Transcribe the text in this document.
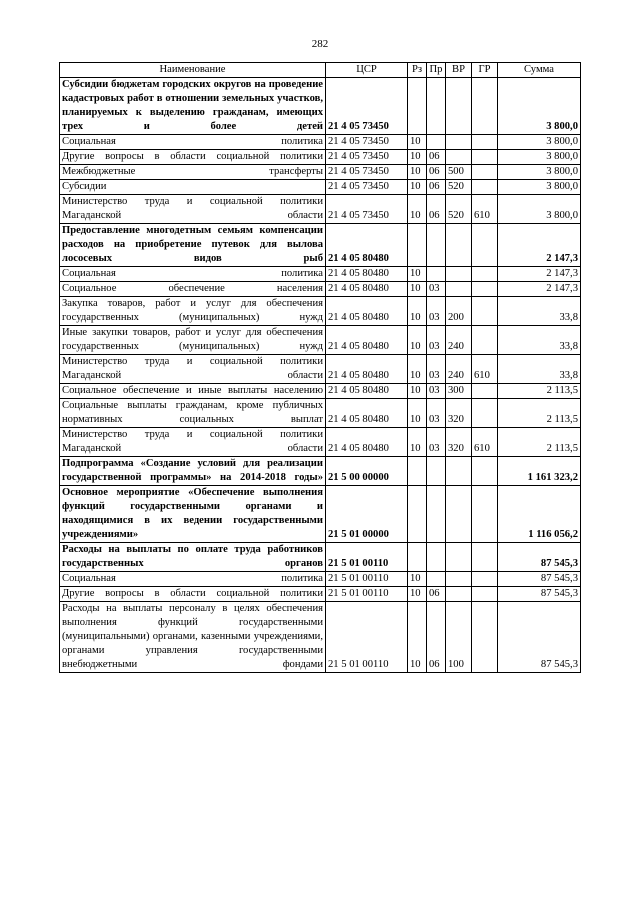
282
Наименование	ЦСР	Рз	Пр	ВР	ГР	Сумма
Субсидии бюджетам городских округов на проведение кадастровых работ в отношении земельных участков, планируемых к выделению гражданам, имеющих трех и более детей	21 4 05 73450					3 800,0
Социальная политика	21 4 05 73450	10				3 800,0
Другие вопросы в области социальной политики	21 4 05 73450	10	06			3 800,0
Межбюджетные трансферты	21 4 05 73450	10	06	500		3 800,0
Субсидии	21 4 05 73450	10	06	520		3 800,0
Министерство труда и социальной политики Магаданской области	21 4 05 73450	10	06	520	610	3 800,0
Предоставление многодетным семьям компенсации расходов на приобретение путевок для вылова лососевых видов рыб	21 4 05 80480					2 147,3
Социальная политика	21 4 05 80480	10				2 147,3
Социальное обеспечение населения	21 4 05 80480	10	03			2 147,3
Закупка товаров, работ и услуг для обеспечения государственных (муниципальных) нужд	21 4 05 80480	10	03	200		33,8
Иные закупки товаров, работ и услуг для обеспечения государственных (муниципальных) нужд	21 4 05 80480	10	03	240		33,8
Министерство труда и социальной политики Магаданской области	21 4 05 80480	10	03	240	610	33,8
Социальное обеспечение и иные выплаты населению	21 4 05 80480	10	03	300		2 113,5
Социальные выплаты гражданам, кроме публичных нормативных социальных выплат	21 4 05 80480	10	03	320		2 113,5
Министерство труда и социальной политики Магаданской области	21 4 05 80480	10	03	320	610	2 113,5
Подпрограмма «Создание условий для реализации государственной программы» на 2014-2018 годы»	21 5 00 00000					1 161 323,2
Основное мероприятие «Обеспечение выполнения функций государственными органами и находящимися в их ведении государственными учреждениями»	21 5 01 00000					1 116 056,2
Расходы на выплаты по оплате труда работников государственных органов	21 5 01 00110					87 545,3
Социальная политика	21 5 01 00110	10				87 545,3
Другие вопросы в области социальной политики	21 5 01 00110	10	06			87 545,3
Расходы на выплаты персоналу в целях обеспечения выполнения функций государственными (муниципальными) органами, казенными учреждениями, органами управления государственными внебюджетными фондами	21 5 01 00110	10	06	100		87 545,3
